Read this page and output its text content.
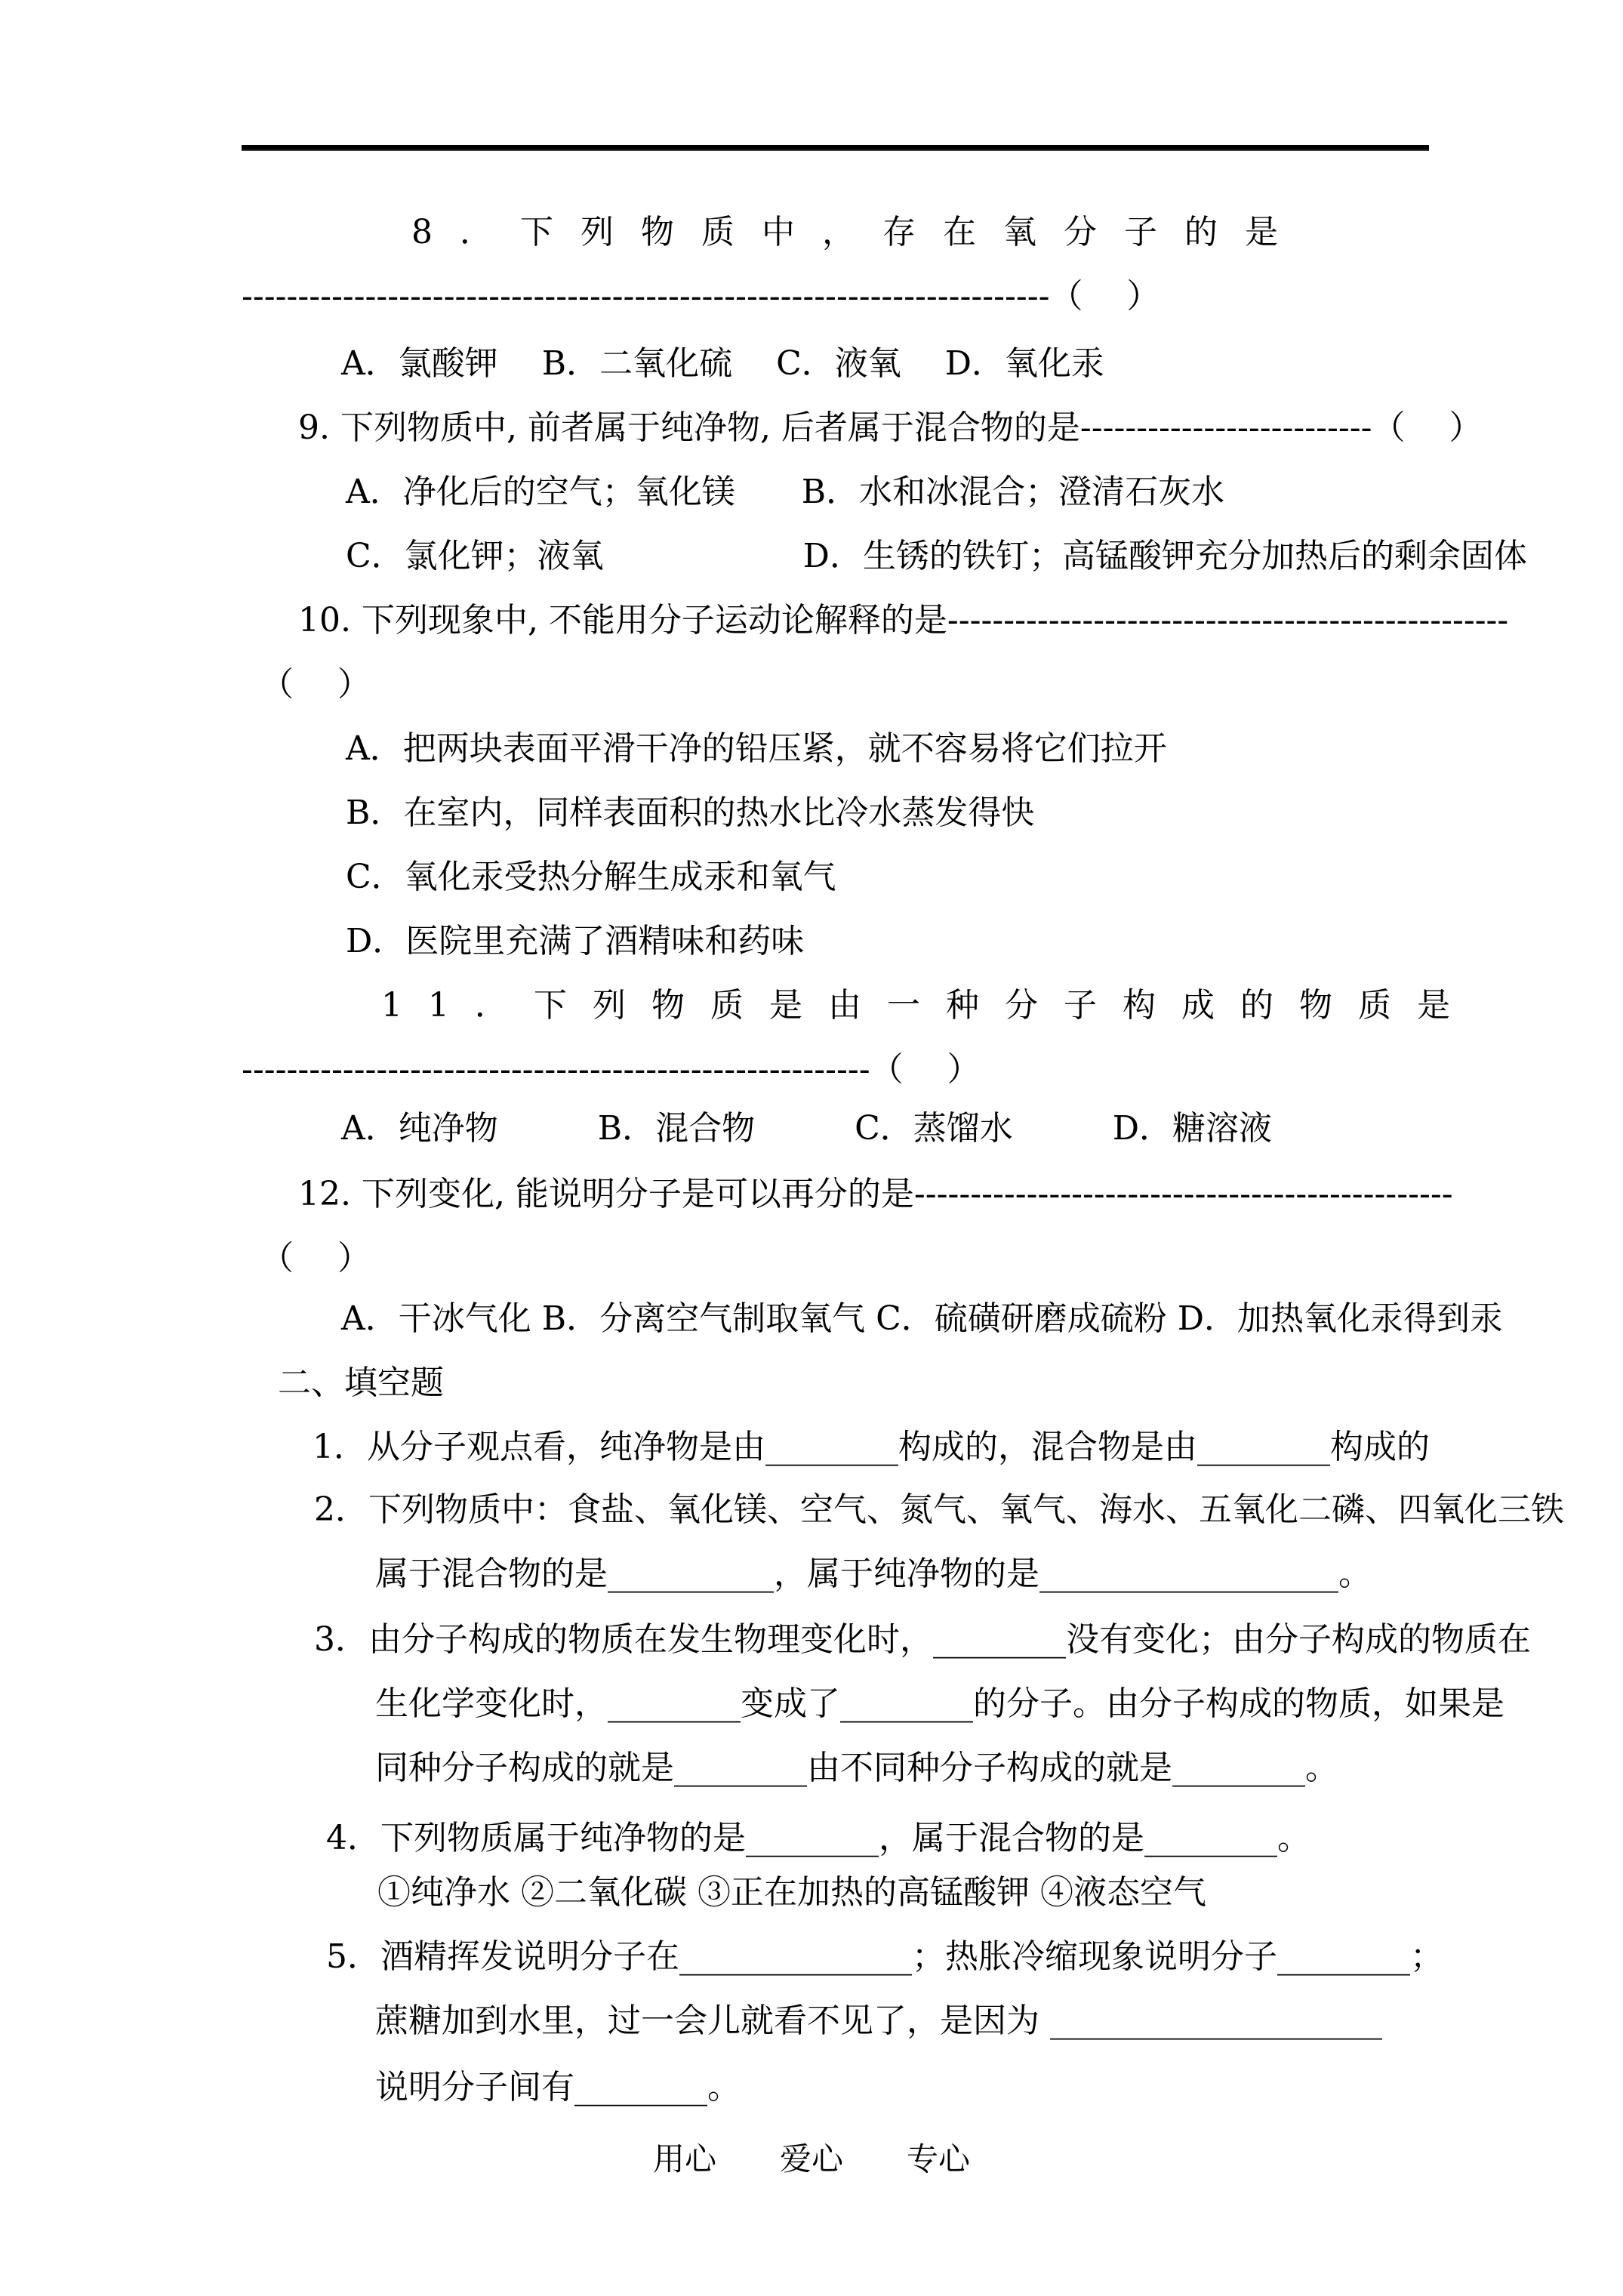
8．下列物质中，存在氧分子的是
------------------------------------------------------------------------（　 ）
A．氯酸钾　 B．二氧化硫　 C．液氧　 D．氧化汞
9. 下列物质中, 前者属于纯净物, 后者属于混合物的是--------------------------（　 ）
A．净化后的空气；氧化镁　　B．水和冰混合；澄清石灰水
C．氯化钾；液氧　　　　　　D．生锈的铁钉；高锰酸钾充分加热后的剩余固体
10. 下列现象中, 不能用分子运动论解释的是--------------------------------------------------
（　 ）
A．把两块表面平滑干净的铅压紧，就不容易将它们拉开
B．在室内，同样表面积的热水比冷水蒸发得快
C．氧化汞受热分解生成汞和氧气
D．医院里充满了酒精味和药味
11．下列物质是由一种分子构成的物质是
--------------------------------------------------------（　 ）
A．纯净物　　　B．混合物　　　C．蒸馏水　　　D．糖溶液
12. 下列变化, 能说明分子是可以再分的是------------------------------------------------
（　 ）
A．干冰气化 B．分离空气制取氧气 C．硫磺研磨成硫粉 D．加热氧化汞得到汞
二、填空题
1．从分子观点看，纯净物是由________构成的，混合物是由________构成的
2．下列物质中：食盐、氧化镁、空气、氮气、氧气、海水、五氧化二磷、四氧化三铁
属于混合物的是__________，属于纯净物的是__________________。
3．由分子构成的物质在发生物理变化时，________没有变化；由分子构成的物质在
生化学变化时，________变成了________的分子。由分子构成的物质，如果是
同种分子构成的就是________由不同种分子构成的就是________。
4．下列物质属于纯净物的是________，属于混合物的是________。
①纯净水 ②二氧化碳 ③正在加热的高锰酸钾 ④液态空气
5．酒精挥发说明分子在______________；热胀冷缩现象说明分子________；
蔗糖加到水里，过一会儿就看不见了，是因为 ____________________
说明分子间有________。
用心　　爱心　　专心
